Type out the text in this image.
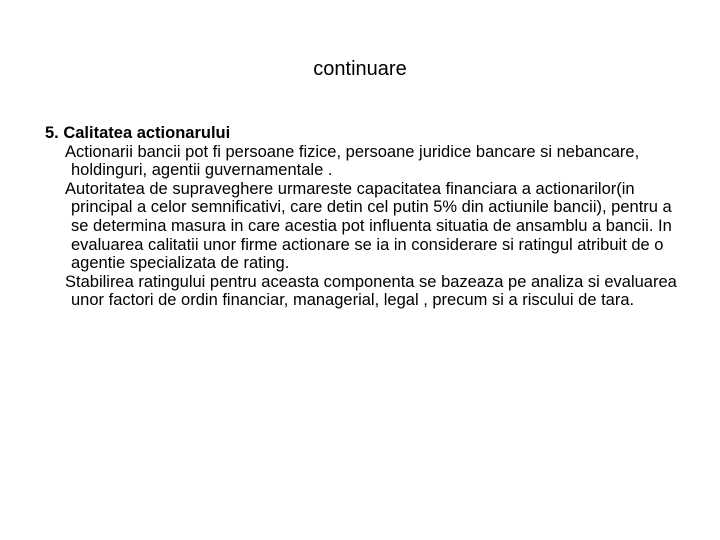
continuare

5. Calitatea actionarului

Actionarii bancii pot fi persoane fizice, persoane juridice bancare si nebancare, holdinguri, agentii guvernamentale .

Autoritatea de supraveghere urmareste capacitatea financiara a actionarilor(in principal a celor semnificativi, care detin cel putin 5% din actiunile bancii), pentru a se determina masura in care acestia pot influenta situatia de ansamblu a bancii. In evaluarea calitatii unor firme actionare se ia in considerare si ratingul atribuit de o agentie specializata de rating.

Stabilirea ratingului pentru aceasta componenta se bazeaza pe analiza si evaluarea unor factori de ordin financiar, managerial, legal , precum si a riscului de tara.
